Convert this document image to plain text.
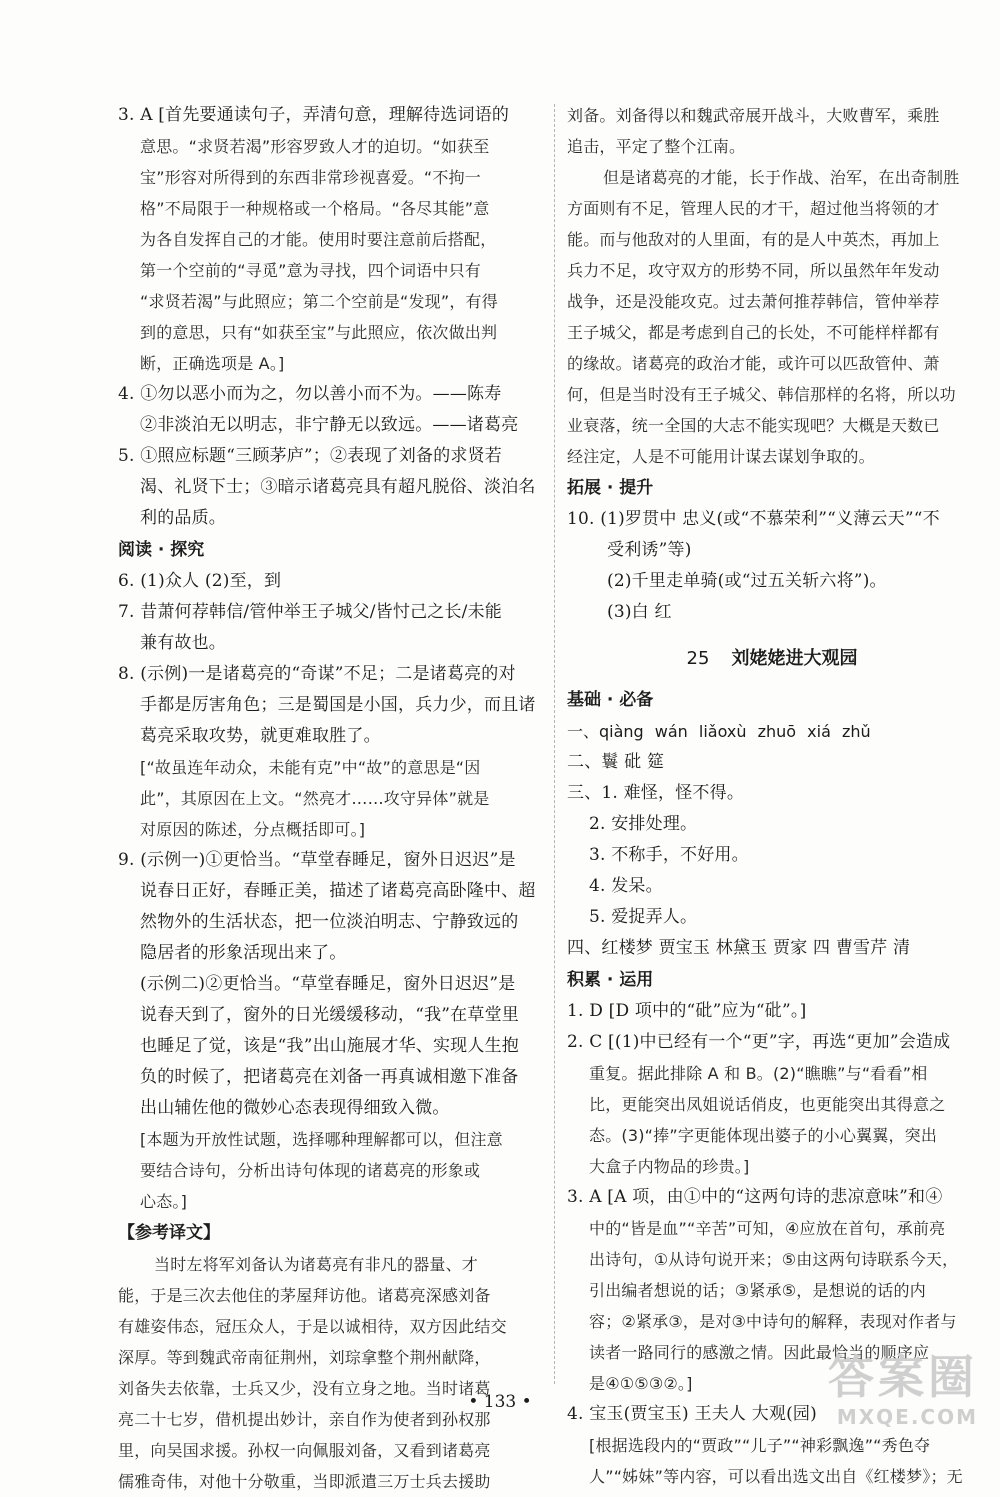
3. A [首先要通读句子，弄清句意，理解待选词语的
意思。“求贤若渴”形容罗致人才的迫切。“如获至
宝”形容对所得到的东西非常珍视喜爱。“不拘一
格”不局限于一种规格或一个格局。“各尽其能”意
为各自发挥自己的才能。使用时要注意前后搭配，
第一个空前的“寻觅”意为寻找，四个词语中只有
“求贤若渴”与此照应；第二个空前是“发现”，有得
到的意思，只有“如获至宝”与此照应，依次做出判
断，正确选项是 A。]
4. ①勿以恶小而为之，勿以善小而不为。——陈寿
②非淡泊无以明志，非宁静无以致远。——诸葛亮
5. ①照应标题“三顾茅庐”；②表现了刘备的求贤若
渴、礼贤下士；③暗示诸葛亮具有超凡脱俗、淡泊名
利的品质。
阅读 · 探究
6. (1)众人 (2)至，到
7. 昔萧何荐韩信/管仲举王子城父/皆忖己之长/未能
兼有故也。
8. (示例)一是诸葛亮的“奇谋”不足；二是诸葛亮的对
手都是厉害角色；三是蜀国是小国，兵力少，而且诸
葛亮采取攻势，就更难取胜了。
[“故虽连年动众，未能有克”中“故”的意思是“因
此”，其原因在上文。“然亮才……攻守异体”就是
对原因的陈述，分点概括即可。]
9. (示例一)①更恰当。“草堂春睡足，窗外日迟迟”是
说春日正好，春睡正美，描述了诸葛亮高卧隆中、超
然物外的生活状态，把一位淡泊明志、宁静致远的
隐居者的形象活现出来了。
(示例二)②更恰当。“草堂春睡足，窗外日迟迟”是
说春天到了，窗外的日光缓缓移动，“我”在草堂里
也睡足了觉，该是“我”出山施展才华、实现人生抱
负的时候了，把诸葛亮在刘备一再真诚相邀下准备
出山辅佐他的微妙心态表现得细致入微。
[本题为开放性试题，选择哪种理解都可以，但注意
要结合诗句，分析出诗句体现的诸葛亮的形象或
心态。]
【参考译文】
当时左将军刘备认为诸葛亮有非凡的器量、才
能，于是三次去他住的茅屋拜访他。诸葛亮深感刘备
有雄姿伟态，冠压众人，于是以诚相待，双方因此结交
深厚。等到魏武帝南征荆州，刘琮拿整个荆州献降，
刘备失去依靠，士兵又少，没有立身之地。当时诸葛
亮二十七岁，借机提出妙计，亲自作为使者到孙权那
里，向吴国求援。孙权一向佩服刘备，又看到诸葛亮
儒雅奇伟，对他十分敬重，当即派遣三万士兵去援助
刘备。刘备得以和魏武帝展开战斗，大败曹军，乘胜
追击，平定了整个江南。
但是诸葛亮的才能，长于作战、治军，在出奇制胜
方面则有不足，管理人民的才干，超过他当将领的才
能。而与他敌对的人里面，有的是人中英杰，再加上
兵力不足，攻守双方的形势不同，所以虽然年年发动
战争，还是没能攻克。过去萧何推荐韩信，管仲举荐
王子城父，都是考虑到自己的长处，不可能样样都有
的缘故。诸葛亮的政治才能，或许可以匹敌管仲、萧
何，但是当时没有王子城父、韩信那样的名将，所以功
业衰落，统一全国的大志不能实现吧？大概是天数已
经注定，人是不可能用计谋去谋划争取的。
拓展 · 提升
10. (1)罗贯中 忠义(或“不慕荣利”“义薄云天”“不
受利诱”等)
(2)千里走单骑(或“过五关斩六将”)。
(3)白 红
25 刘姥姥进大观园
基础 · 必备
一、qiàng wán liǎoxù zhuō xiá zhǔ
二、鬟 砒 筵
三、1. 难怪，怪不得。
2. 安排处理。
3. 不称手，不好用。
4. 发呆。
5. 爱捉弄人。
四、红楼梦 贾宝玉 林黛玉 贾家 四 曹雪芹 清
积累 · 运用
1. D [D 项中的“砒”应为“砒”。]
2. C [(1)中已经有一个“更”字，再选“更加”会造成
重复。据此排除 A 和 B。(2)“瞧瞧”与“看看”相
比，更能突出凤姐说话俏皮，也更能突出其得意之
态。(3)“捧”字更能体现出婆子的小心翼翼，突出
大盒子内物品的珍贵。]
3. A [A 项，由①中的“这两句诗的悲凉意味”和④
中的“皆是血”“辛苦”可知，④应放在首句，承前亮
出诗句，①从诗句说开来；⑤由这两句诗联系今天，
引出编者想说的话；③紧承⑤，是想说的话的内
容；②紧承③，是对③中诗句的解释，表现对作者与
读者一路同行的感激之情。因此最恰当的顺序应
是④①⑤③②。]
4. 宝玉(贾宝玉) 王夫人 大观(园)
[根据选段内的“贾政”“儿子”“神彩飘逸”“秀色夺
人”“姊妹”等内容，可以看出选文出自《红楼梦》；无
• 133 •	答案圈
MXQE.COM
